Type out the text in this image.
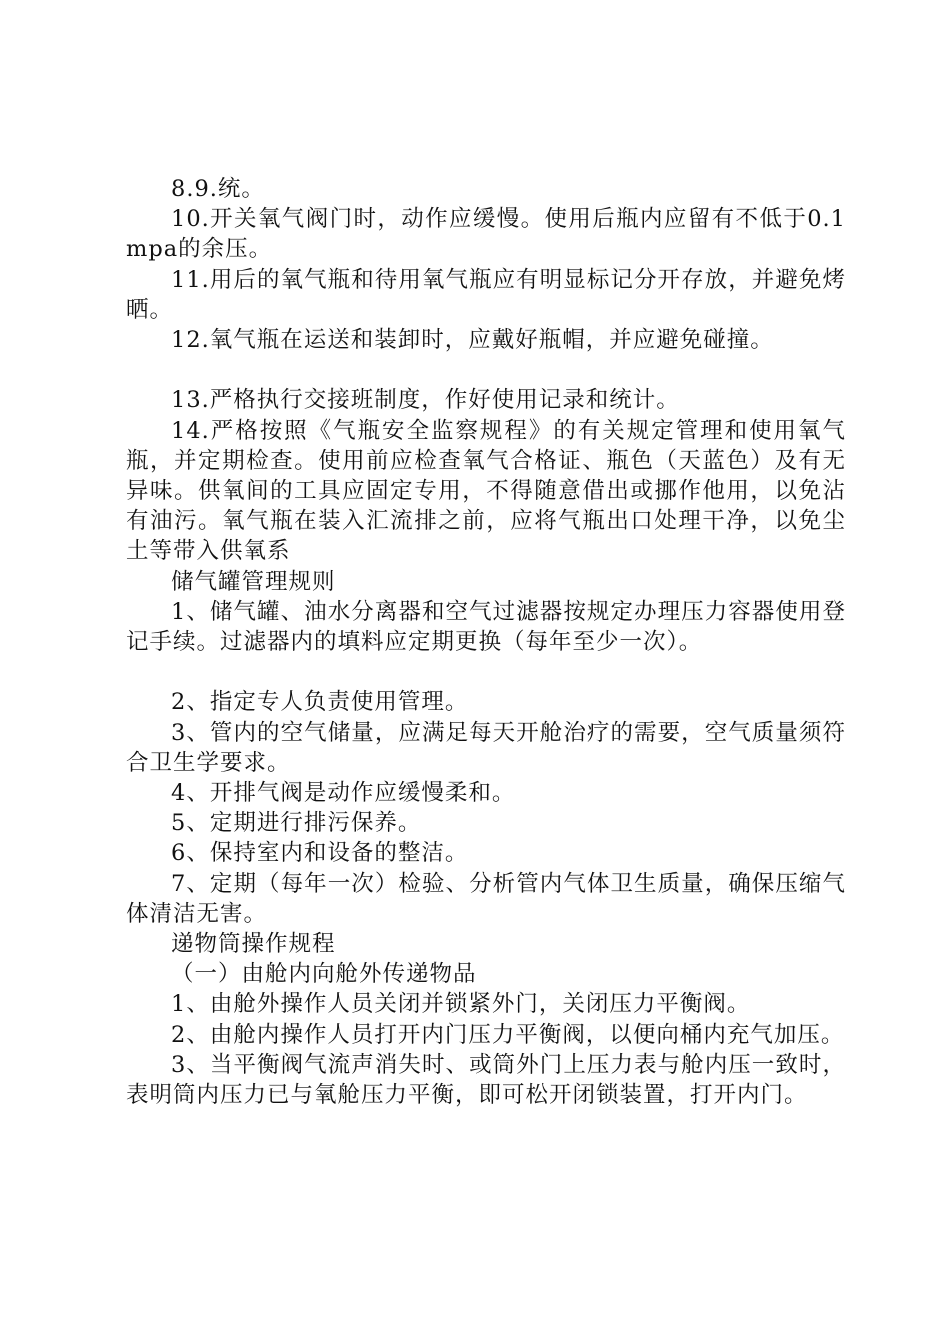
8.9.统。

10.开关氧气阀门时，动作应缓慢。使用后瓶内应留有不低于0.1mpa的余压。

11.用后的氧气瓶和待用氧气瓶应有明显标记分开存放，并避免烤晒。

12.氧气瓶在运送和装卸时，应戴好瓶帽，并应避免碰撞。

13.严格执行交接班制度，作好使用记录和统计。

14.严格按照《气瓶安全监察规程》的有关规定管理和使用氧气瓶，并定期检查。使用前应检查氧气合格证、瓶色（天蓝色）及有无异味。供氧间的工具应固定专用，不得随意借出或挪作他用，以免沾有油污。氧气瓶在装入汇流排之前，应将气瓶出口处理干净，以免尘土等带入供氧系

储气罐管理规则

1、储气罐、油水分离器和空气过滤器按规定办理压力容器使用登记手续。过滤器内的填料应定期更换（每年至少一次）。

2、指定专人负责使用管理。

3、管内的空气储量，应满足每天开舱治疗的需要，空气质量须符合卫生学要求。

4、开排气阀是动作应缓慢柔和。

5、定期进行排污保养。

6、保持室内和设备的整洁。

7、定期（每年一次）检验、分析管内气体卫生质量，确保压缩气体清洁无害。

递物筒操作规程

（一）由舱内向舱外传递物品

1、由舱外操作人员关闭并锁紧外门，关闭压力平衡阀。

2、由舱内操作人员打开内门压力平衡阀，以便向桶内充气加压。

3、当平衡阀气流声消失时、或筒外门上压力表与舱内压一致时，表明筒内压力已与氧舱压力平衡，即可松开闭锁装置，打开内门。
